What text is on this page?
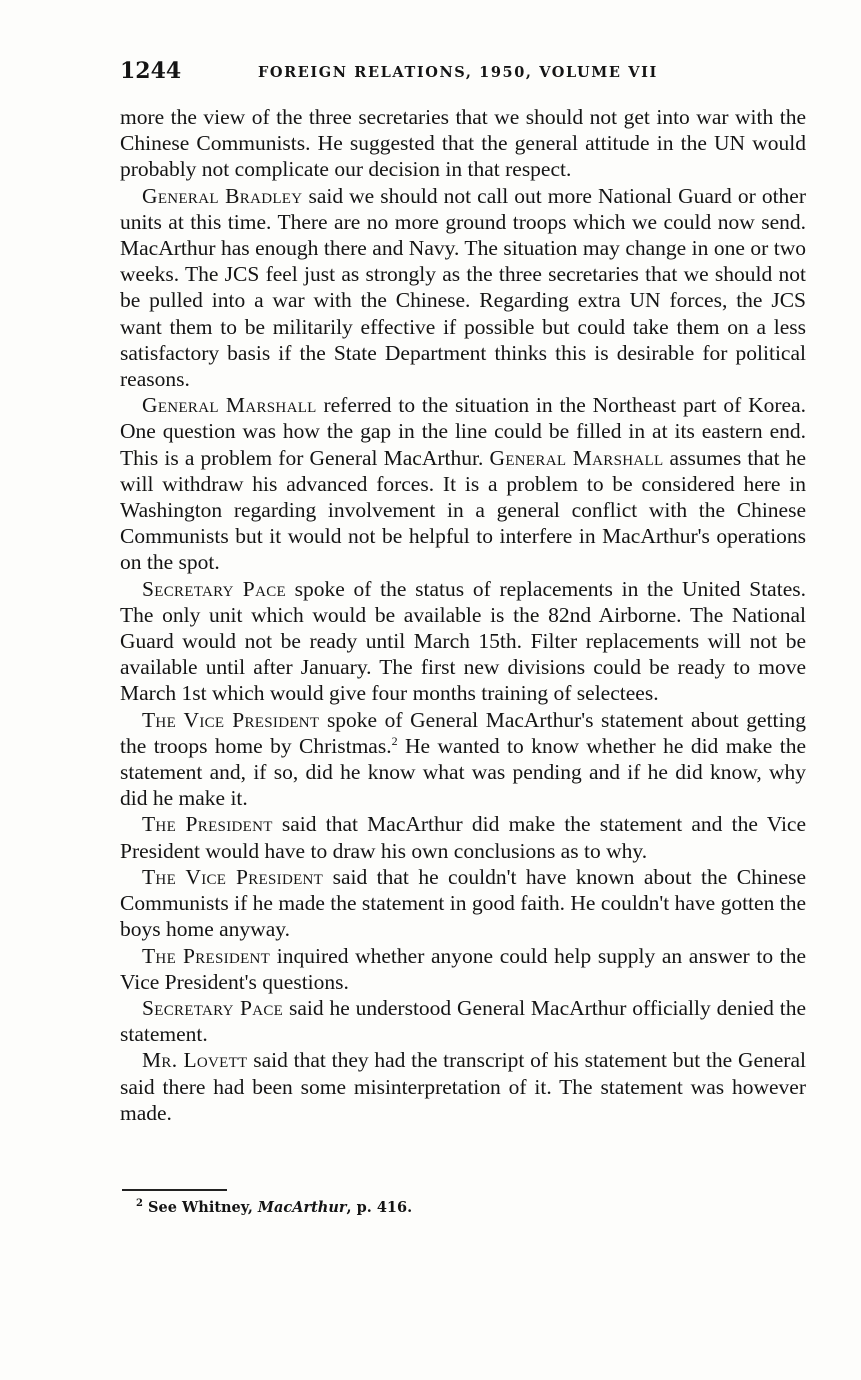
1244	FOREIGN RELATIONS, 1950, VOLUME VII

more the view of the three secretaries that we should not get into war with the Chinese Communists. He suggested that the general attitude in the UN would probably not complicate our decision in that respect.

General Bradley said we should not call out more National Guard or other units at this time. There are no more ground troops which we could now send. MacArthur has enough there and Navy. The situation may change in one or two weeks. The JCS feel just as strongly as the three secretaries that we should not be pulled into a war with the Chinese. Regarding extra UN forces, the JCS want them to be militarily effective if possible but could take them on a less satisfactory basis if the State Department thinks this is desirable for political reasons.

General Marshall referred to the situation in the Northeast part of Korea. One question was how the gap in the line could be filled in at its eastern end. This is a problem for General MacArthur. General Marshall assumes that he will withdraw his advanced forces. It is a problem to be considered here in Washington regarding involvement in a general conflict with the Chinese Communists but it would not be helpful to interfere in MacArthur's operations on the spot.

Secretary Pace spoke of the status of replacements in the United States. The only unit which would be available is the 82nd Airborne. The National Guard would not be ready until March 15th. Filter replacements will not be available until after January. The first new divisions could be ready to move March 1st which would give four months training of selectees.

The Vice President spoke of General MacArthur's statement about getting the troops home by Christmas.$^2$ He wanted to know whether he did make the statement and, if so, did he know what was pending and if he did know, why did he make it.

The President said that MacArthur did make the statement and the Vice President would have to draw his own conclusions as to why.

The Vice President said that he couldn't have known about the Chinese Communists if he made the statement in good faith. He couldn't have gotten the boys home anyway.

The President inquired whether anyone could help supply an answer to the Vice President's questions.

Secretary Pace said he understood General MacArthur officially denied the statement.

Mr. Lovett said that they had the transcript of his statement but the General said there had been some misinterpretation of it. The statement was however made.

$^2$ See Whitney, MacArthur, p. 416.
